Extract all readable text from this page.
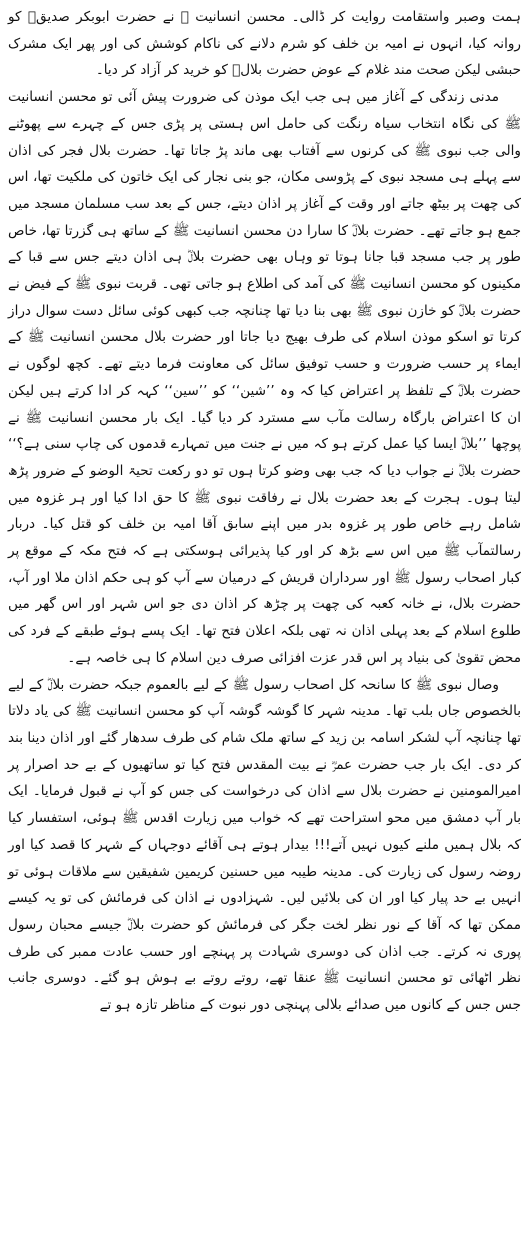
ہمت وصبر واستقامت روایت کر ڈالی۔ محسن انسانیت ﷺ نے حضرت ابوبکر صدیقؓ کو روانہ کیا، انہوں نے امیہ بن خلف کو شرم دلانے کی ناکام کوشش کی اور پھر ایک مشرک حبشی لیکن صحت مند غلام کے عوض حضرت بلالؓ کو خرید کر آزاد کر دیا۔

مدنی زندگی کے آغاز میں ہی جب ایک موذن کی ضرورت پیش آئی تو محسن انسانیت ﷺ کی نگاہ انتخاب سیاہ رنگت کی حامل اس ہستی پر پڑی جس کے چہرے سے پھوٹنے والی جب نبوی ﷺ کی کرنوں سے آفتاب بھی ماند پڑ جاتا تھا۔ حضرت بلال فجر کی اذان سے پہلے ہی مسجد نبوی کے پڑوسی مکان، جو بنی نجار کی ایک خاتون کی ملکیت تھا، اس کی چھت پر بیٹھ جاتے اور وقت کے آغاز پر اذان دیتے، جس کے بعد سب مسلمان مسجد میں جمع ہو جاتے تھے۔ حضرت بلالؓ کا سارا دن محسن انسانیت ﷺ کے ساتھ ہی گزرتا تھا، خاص طور پر جب مسجد قبا جانا ہوتا تو وہاں بھی حضرت بلالؓ ہی اذان دیتے جس سے قبا کے مکینوں کو محسن انسانیت ﷺ کی آمد کی اطلاع ہو جاتی تھی۔ قربت نبوی ﷺ کے فیض نے حضرت بلالؓ کو خازن نبوی ﷺ بھی بنا دیا تھا چنانچہ جب کبھی کوئی سائل دست سوال دراز کرتا تو اسکو موذن اسلام کی طرف بھیج دیا جاتا اور حضرت بلال محسن انسانیت ﷺ کے ایماء پر حسب ضرورت و حسب توفیق سائل کی معاونت فرما دیتے تھے۔ کچھ لوگوں نے حضرت بلالؓ کے تلفظ پر اعتراض کیا کہ وہ ’’شین‘‘ کو ’’سین‘‘ کہہ کر ادا کرتے ہیں لیکن ان کا اعتراض بارگاہ رسالت مآب سے مسترد کر دیا گیا۔ ایک بار محسن انسانیت ﷺ نے پوچھا ’’بلالؓ ایسا کیا عمل کرتے ہو کہ میں نے جنت میں تمہارے قدموں کی چاپ سنی ہے؟‘‘ حضرت بلالؓ نے جواب دیا کہ جب بھی وضو کرتا ہوں تو دو رکعت تحیۃ الوضو کے ضرور پڑھ لیتا ہوں۔ ہجرت کے بعد حضرت بلال نے رفاقت نبوی ﷺ کا حق ادا کیا اور ہر غزوہ میں شامل رہے خاص طور پر غزوہ بدر میں اپنے سابق آقا امیہ بن خلف کو قتل کیا۔ دربار رسالتمآب ﷺ میں اس سے بڑھ کر اور کیا پذیرائی ہوسکتی ہے کہ فتح مکہ کے موقع پر کبار اصحاب رسول ﷺ اور سرداران قریش کے درمیان سے آپ کو ہی حکم اذان ملا اور آپ، حضرت بلال، نے خانہ کعبہ کی چھت پر چڑھ کر اذان دی جو اس شہر اور اس گھر میں طلوع اسلام کے بعد پہلی اذان نہ تھی بلکہ اعلان فتح تھا۔ ایک پسے ہوئے طبقے کے فرد کی محض تقویٰ کی بنیاد پر اس قدر عزت افزائی صرف دین اسلام کا ہی خاصہ ہے۔

وصال نبوی ﷺ کا سانحہ کل اصحاب رسول ﷺ کے لیے بالعموم جبکہ حضرت بلالؓ کے لیے بالخصوص جاں بلب تھا۔ مدینہ شہر کا گوشہ گوشہ آپ کو محسن انسانیت ﷺ کی یاد دلاتا تھا چنانچہ آپ لشکر اسامہ بن زید کے ساتھ ملک شام کی طرف سدھار گئے اور اذان دینا بند کر دی۔ ایک بار جب حضرت عمرؓ نے بیت المقدس فتح کیا تو ساتھیوں کے بے حد اصرار پر امیرالمومنین نے حضرت بلال سے اذان کی درخواست کی جس کو آپ نے قبول فرمایا۔ ایک بار آپ دمشق میں محو استراحت تھے کہ خواب میں زیارت اقدس ﷺ ہوئی، استفسار کیا کہ بلال ہمیں ملنے کیوں نہیں آتے!!! بیدار ہوتے ہی آقائے دوجہاں کے شہر کا قصد کیا اور روضہ رسول کی زیارت کی۔ مدینہ طیبہ میں حسنین کریمین شفیقین سے ملاقات ہوئی تو انہیں بے حد پیار کیا اور ان کی بلائیں لیں۔ شہزادوں نے اذان کی فرمائش کی تو یہ کیسے ممکن تھا کہ آقا کے نور نظر لخت جگر کی فرمائش کو حضرت بلالؓ جیسے محبان رسول پوری نہ کرتے۔ جب اذان کی دوسری شہادت پر پہنچے اور حسب عادت ممبر کی طرف نظر اٹھائی تو محسن انسانیت ﷺ عنقا تھے، روتے روتے بے ہوش ہو گئے۔ دوسری جانب جس جس کے کانوں میں صدائے بلالی پہنچی دور نبوت کے مناظر تازہ ہو تے
